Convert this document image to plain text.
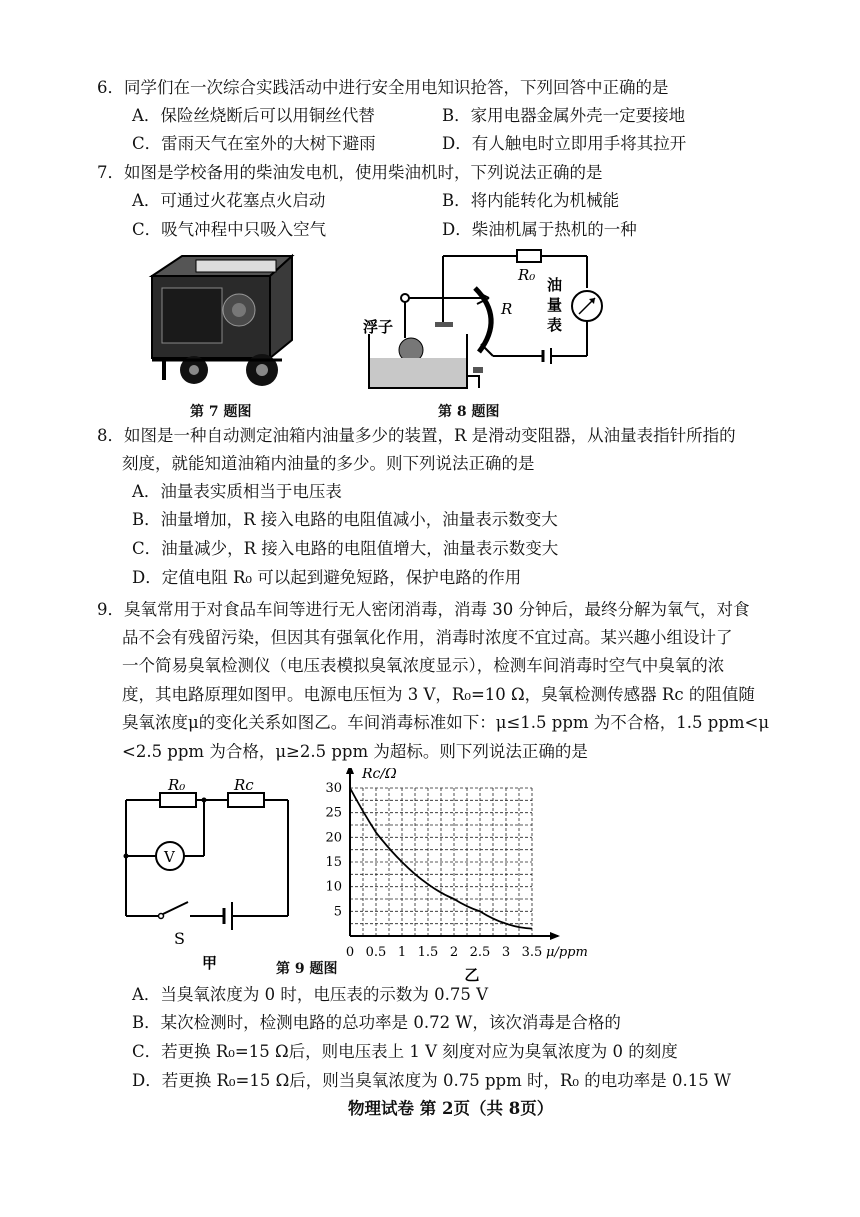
6．同学们在一次综合实践活动中进行安全用电知识抢答，下列回答中正确的是
A．保险丝烧断后可以用铜丝代替	B．家用电器金属外壳一定要接地
C．雷雨天气在室外的大树下避雨	D．有人触电时立即用手将其拉开
7．如图是学校备用的柴油发电机，使用柴油机时，下列说法正确的是
A．可通过火花塞点火启动	B．将内能转化为机械能
C．吸气冲程中只吸入空气	D．柴油机属于热机的一种
第 7 题图
R₀
R
浮子
油
量
表
第 8 题图
8．如图是一种自动测定油箱内油量多少的装置，R 是滑动变阻器，从油量表指针所指的
刻度，就能知道油箱内油量的多少。则下列说法正确的是
A．油量表实质相当于电压表
B．油量增加，R 接入电路的电阻值减小，油量表示数变大
C．油量减少，R 接入电路的电阻值增大，油量表示数变大
D．定值电阻 R₀ 可以起到避免短路，保护电路的作用
9．臭氧常用于对食品车间等进行无人密闭消毒，消毒 30 分钟后，最终分解为氧气，对食
品不会有残留污染，但因其有强氧化作用，消毒时浓度不宜过高。某兴趣小组设计了
一个简易臭氧检测仪（电压表模拟臭氧浓度显示），检测车间消毒时空气中臭氧的浓
度，其电路原理如图甲。电源电压恒为 3 V，R₀=10 Ω，臭氧检测传感器 Rc 的阻值随
臭氧浓度μ的变化关系如图乙。车间消毒标准如下：μ≤1.5 ppm 为不合格，1.5 ppm<μ
<2.5 ppm 为合格，μ≥2.5 ppm 为超标。则下列说法正确的是
R₀	Rc
V
S
甲
0 0.5 1 1.5 2 2.5 3 3.5
5
10
15
20
25
30
Rc/Ω
μ/ppm
乙
第 9 题图
A．当臭氧浓度为 0 时，电压表的示数为 0.75 V
B．某次检测时，检测电路的总功率是 0.72 W，该次消毒是合格的
C．若更换 R₀=15 Ω后，则电压表上 1 V 刻度对应为臭氧浓度为 0 的刻度
D．若更换 R₀=15 Ω后，则当臭氧浓度为 0.75 ppm 时，R₀ 的电功率是 0.15 W
物理试卷 第 2页（共 8页）
